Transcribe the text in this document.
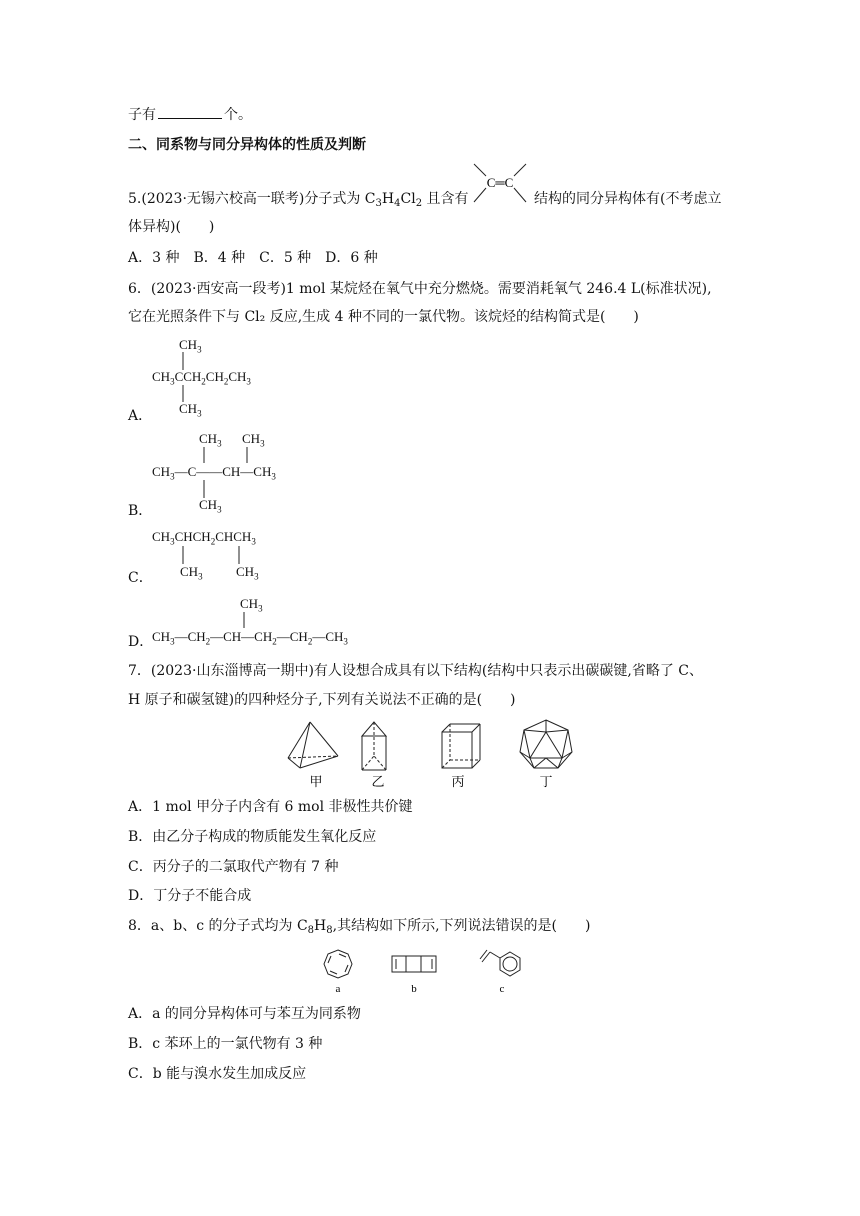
子有	个。
二、同系物与同分异构体的性质及判断
5.(2023·无锡六校高一联考)分子式为 $C_3H_4Cl_2$ 且含有
C═C
结构的同分异构体有(不考虑立
体异构)(　　)
A．3 种　B．4 种　C．5 种　D．6 种
6．(2023·西安高一段考)1 mol 某烷烃在氧气中充分燃烧。需要消耗氧气 246.4 L(标准状况),
它在光照条件下与 Cl₂ 反应,生成 4 种不同的一氯代物。该烷烃的结构简式是(　　)
$CH_3$
$CH_3CCH_2CH_2CH_3$
$CH_3$
A．
$CH_3$ $CH_3$
$CH_3—C——CH—CH_3$
$CH_3$
B．
$CH_3CHCH_2CHCH_3$
$CH_3$	$CH_3$
C．
$CH_3$
$CH_3—CH_2—CH—CH_2—CH_2—CH_3$
D．
7．(2023·山东淄博高一期中)有人设想合成具有以下结构(结构中只表示出碳碳键,省略了 C、
H 原子和碳氢键)的四种烃分子,下列有关说法不正确的是(　　)
甲	乙	丙	丁
A．1 mol 甲分子内含有 6 mol 非极性共价键
B．由乙分子构成的物质能发生氧化反应
C．丙分子的二氯取代产物有 7 种
D．丁分子不能合成
8．a、b、c 的分子式均为 $C_8H_8$,其结构如下所示,下列说法错误的是(　　)
a	b	c
A．a 的同分异构体可与苯互为同系物
B．c 苯环上的一氯代物有 3 种
C．b 能与溴水发生加成反应
